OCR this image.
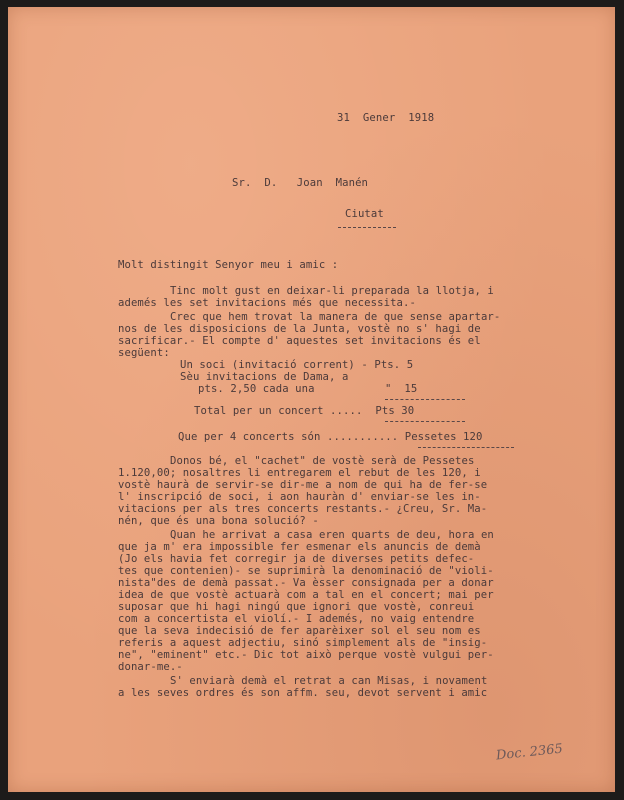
31  Gener  1918
Sr.  D.   Joan  Manén
Ciutat
Molt distingit Senyor meu i amic :
Tinc molt gust en deixar-li preparada la llotja, i
ademés les set invitacions més que necessita.-
Crec que hem trovat la manera de que sense apartar-
nos de les disposicions de la Junta, vostè no s' hagi de
sacrificar.- El compte d' aquestes set invitacions és el
següent:
Un soci (invitació corrent) - Pts. 5
Sèu invitacions de Dama, a
pts. 2,50 cada una	"  15
Total per un concert .....  Pts 30
Que per 4 concerts són ........... Pessetes 120
Donos bé, el "cachet" de vostè serà de Pessetes
1.120,00; nosaltres li entregarem el rebut de les 120, i
vostè haurà de servir-se dir-me a nom de qui ha de fer-se
l' inscripció de soci, i aon hauràn d' enviar-se les in-
vitacions per als tres concerts restants.- ¿Creu, Sr. Ma-
nén, que és una bona solució? -
Quan he arrivat a casa eren quarts de deu, hora en
que ja m' era impossible fer esmenar els anuncis de demà
(Jo els havia fet corregir ja de diverses petits defec-
tes que contenien)- se suprimirà la denominació de "violi-
nista"des de demà passat.- Va èsser consignada per a donar
idea de que vostè actuarà com a tal en el concert; mai per
suposar que hi hagi ningú que ignori que vostè, conreui
com a concertista el violí.- I ademés, no vaig entendre
que la seva indecisió de fer aparèixer sol el seu nom es
referis a aquest adjectiu, sinó simplement als de "insig-
ne", "eminent" etc.- Dic tot això perque vostè vulgui per-
donar-me.-
S' enviarà demà el retrat a can Misas, i novament
a les seves ordres és son affm. seu, devot servent i amic
Doc. 2365
